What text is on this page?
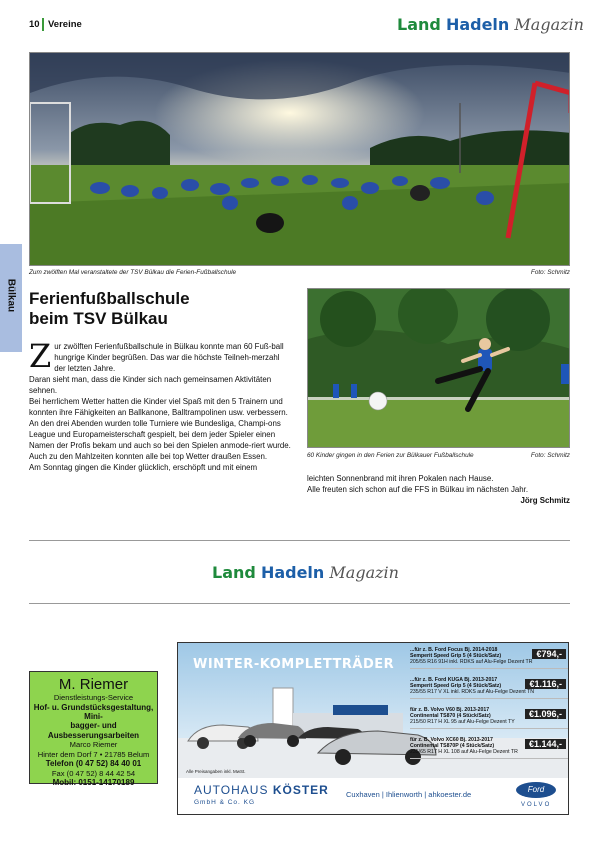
10 Vereine	Land Hadeln Magazin
Zum zwölften Mal veranstaltete der TSV Bülkau die Ferien-Fußballschule	Foto: Schmitz
Bülkau Ferienfußballschule
beim TSV Bülkau

Zur zwölften Ferienfußballschule in Bülkau konnte man 60 Fuß-ball hungrige Kinder begrüßen. Das war die höchste Teilneh-merzahl der letzten Jahre.

Daran sieht man, dass die Kinder sich nach gemeinsamen Aktivitäten sehnen.

Bei herrlichem Wetter hatten die Kinder viel Spaß mit den 5 Trainern und konnten ihre Fähigkeiten an Ballkanone, Balltrampolinen usw. verbessern.

An den drei Abenden wurden tolle Turniere wie Bundesliga, Champi-ons League und Europameisterschaft gespielt, bei dem jeder Spieler einen Namen der Profis bekam und auch so bei den Spielen anmode-riert wurde.

Auch zu den Mahlzeiten konnten alle bei top Wetter draußen Essen.

Am Sonntag gingen die Kinder glücklich, erschöpft und mit einem

60 Kinder gingen in den Ferien zur Bülkauer Fußballschule	Foto: Schmitz

leichten Sonnenbrand mit ihren Pokalen nach Hause.

Alle freuten sich schon auf die FFS in Bülkau im nächsten Jahr.

Jörg Schmitz

Land Hadeln Magazin
M. Riemer
Dienstleistungs-Service
Hof- u. Grundstücksgestaltung, Mini-
bagger- und Ausbesserungsarbeiten
Marco Riemer
Hinter dem Dorf 7 • 21785 Belum
Telefon (0 47 52) 84 40 01
Fax (0 47 52) 8 44 42 54
Mobil: 0151-14170189
WINTER-KOMPLETTRÄDER
...für z. B. Ford Focus Bj. 2014-2018
Semperit Speed Grip 5 (4 Stück/Satz)
205/55 R16 91H inkl. RDKS auf Alu-Felge Dezent TR
€794,-
...für z. B. Ford KUGA Bj. 2013-2017
Semperit Speed Grip 5 (4 Stück/Satz)
235/55 R17 V XL inkl. RDKS auf Alu-Felge Dezent TN
€1.116,-
für z. B. Volvo V60 Bj. 2013-2017
Continental TS870 (4 Stück/Satz)
215/50 R17 H XL 95 auf Alu-Felge Dezent TY
€1.096,-
für z. B. Volvo XC60 Bj. 2013-2017
Continental TS870P (4 Stück/Satz)
235/65 R17 H XL 108 auf Alu-Felge Dezent TR
€1.144,-
Alle Preisangaben inkl. MwSt.
AUTOHAUS KÖSTER
GmbH & Co. KG
Cuxhaven | Ihlienworth | ahkoester.de
Ford
VOLVO
